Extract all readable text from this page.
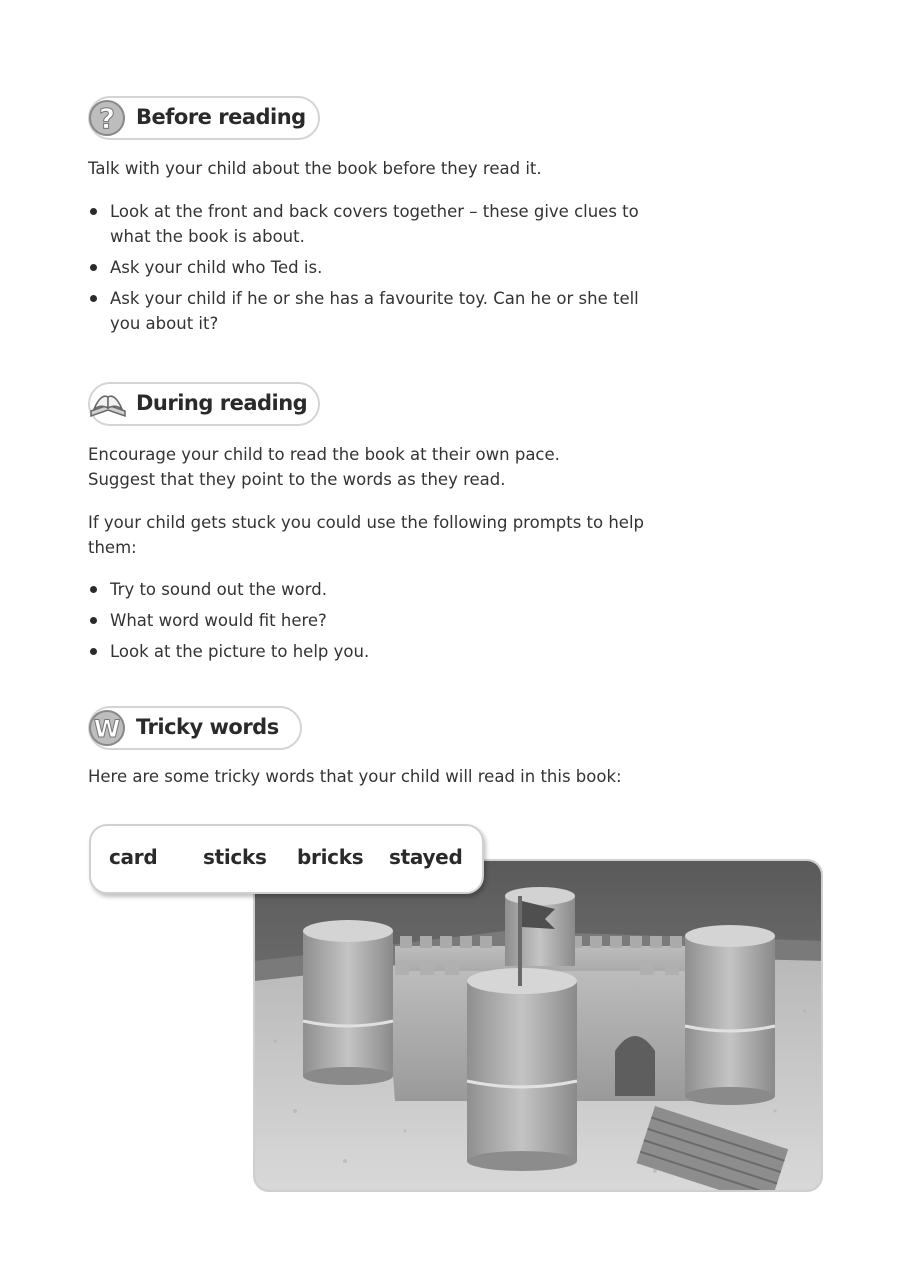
? Before reading

Talk with your child about the book before they read it.

Look at the front and back covers together – these give clues to what the book is about.
Ask your child who Ted is.
Ask your child if he or she has a favourite toy. Can he or she tell you about it?
During reading

Encourage your child to read the book at their own pace. Suggest that they point to the words as they read.

If your child gets stuck you could use the following prompts to help them:

Try to sound out the word.
What word would fit here?
Look at the picture to help you.
W Tricky words

Here are some tricky words that your child will read in this book:

card sticks bricks stayed
